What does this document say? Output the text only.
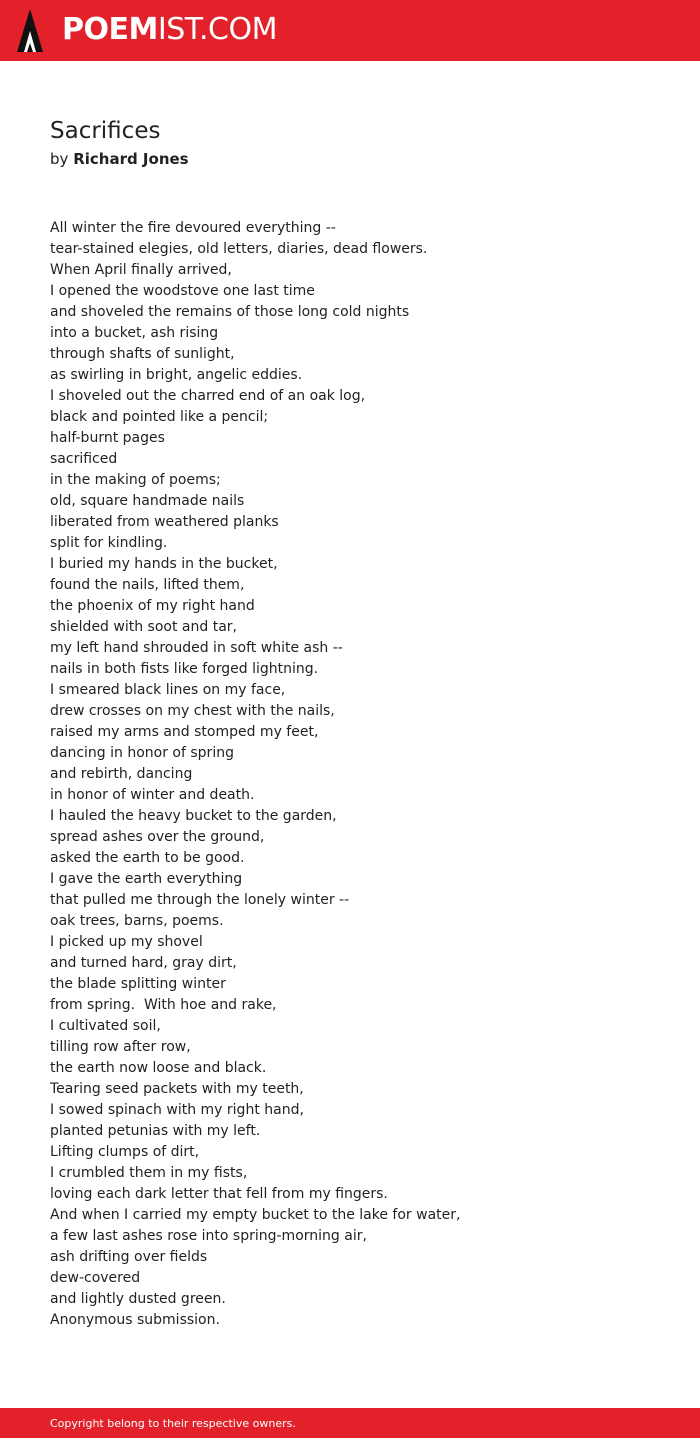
POEMIST.COM
Sacrifices
by Richard Jones
All winter the fire devoured everything --
tear-stained elegies, old letters, diaries, dead flowers.
When April finally arrived,
I opened the woodstove one last time
and shoveled the remains of those long cold nights
into a bucket, ash rising
through shafts of sunlight,
as swirling in bright, angelic eddies.
I shoveled out the charred end of an oak log,
black and pointed like a pencil;
half-burnt pages
sacrificed
in the making of poems;
old, square handmade nails
liberated from weathered planks
split for kindling.
I buried my hands in the bucket,
found the nails, lifted them,
the phoenix of my right hand
shielded with soot and tar,
my left hand shrouded in soft white ash --
nails in both fists like forged lightning.
I smeared black lines on my face,
drew crosses on my chest with the nails,
raised my arms and stomped my feet,
dancing in honor of spring
and rebirth, dancing
in honor of winter and death.
I hauled the heavy bucket to the garden,
spread ashes over the ground,
asked the earth to be good.
I gave the earth everything
that pulled me through the lonely winter --
oak trees, barns, poems.
I picked up my shovel
and turned hard, gray dirt,
the blade splitting winter
from spring.  With hoe and rake,
I cultivated soil,
tilling row after row,
the earth now loose and black.
Tearing seed packets with my teeth,
I sowed spinach with my right hand,
planted petunias with my left.
Lifting clumps of dirt,
I crumbled them in my fists,
loving each dark letter that fell from my fingers.
And when I carried my empty bucket to the lake for water,
a few last ashes rose into spring-morning air,
ash drifting over fields
dew-covered
and lightly dusted green.
Anonymous submission.
Copyright belong to their respective owners.
